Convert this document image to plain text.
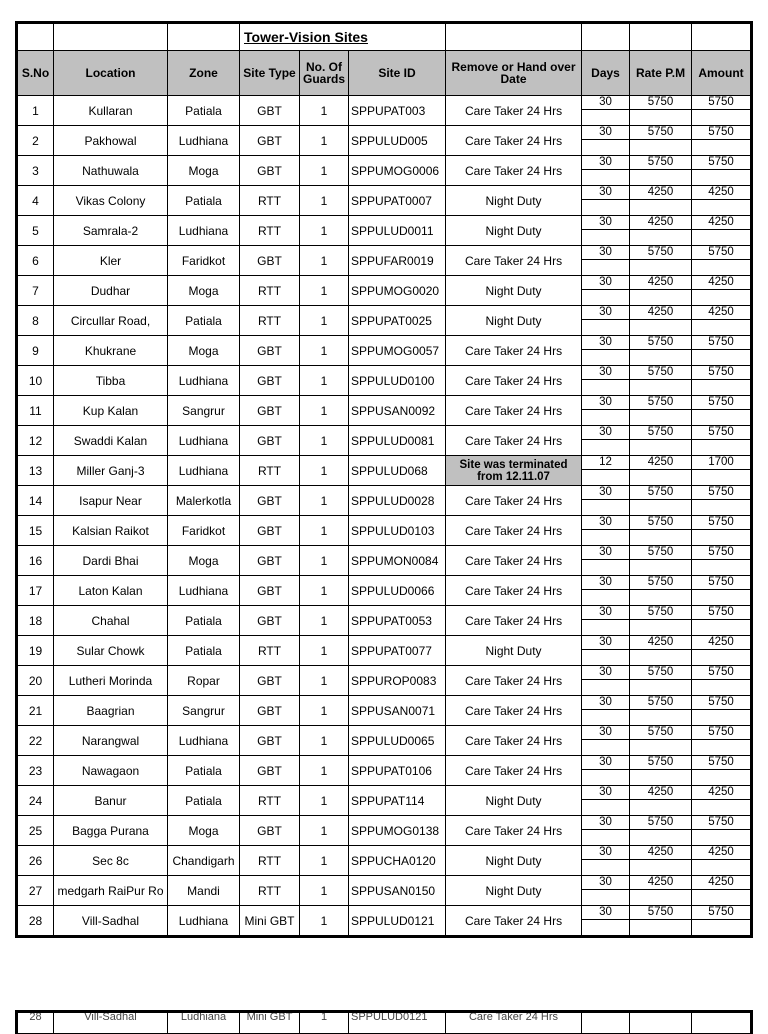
			Tower-Vision Sites						
S.No	Location	Zone	Site Type	No. Of Guards	Site ID	Remove or Hand over Date	Days	Rate P.M	Amount
1	Kullaran	Patiala	GBT	1	SPPUPAT003	Care Taker 24 Hrs	30	5750	5750

2	Pakhowal	Ludhiana	GBT	1	SPPULUD005	Care Taker 24 Hrs	30	5750	5750

3	Nathuwala	Moga	GBT	1	SPPUMOG0006	Care Taker 24 Hrs	30	5750	5750

4	Vikas Colony	Patiala	RTT	1	SPPUPAT0007	Night Duty	30	4250	4250

5	Samrala-2	Ludhiana	RTT	1	SPPULUD0011	Night Duty	30	4250	4250

6	Kler	Faridkot	GBT	1	SPPUFAR0019	Care Taker 24 Hrs	30	5750	5750

7	Dudhar	Moga	RTT	1	SPPUMOG0020	Night Duty	30	4250	4250

8	Circullar Road,	Patiala	RTT	1	SPPUPAT0025	Night Duty	30	4250	4250

9	Khukrane	Moga	GBT	1	SPPUMOG0057	Care Taker 24 Hrs	30	5750	5750

10	Tibba	Ludhiana	GBT	1	SPPULUD0100	Care Taker 24 Hrs	30	5750	5750

11	Kup Kalan	Sangrur	GBT	1	SPPUSAN0092	Care Taker 24 Hrs	30	5750	5750

12	Swaddi Kalan	Ludhiana	GBT	1	SPPULUD0081	Care Taker 24 Hrs	30	5750	5750

13	Miller Ganj-3	Ludhiana	RTT	1	SPPULUD068	Site was terminated from 12.11.07	12	4250	1700

14	Isapur Near	Malerkotla	GBT	1	SPPULUD0028	Care Taker 24 Hrs	30	5750	5750

15	Kalsian Raikot	Faridkot	GBT	1	SPPULUD0103	Care Taker 24 Hrs	30	5750	5750

16	Dardi Bhai	Moga	GBT	1	SPPUMON0084	Care Taker 24 Hrs	30	5750	5750

17	Laton Kalan	Ludhiana	GBT	1	SPPULUD0066	Care Taker 24 Hrs	30	5750	5750

18	Chahal	Patiala	GBT	1	SPPUPAT0053	Care Taker 24 Hrs	30	5750	5750

19	Sular Chowk	Patiala	RTT	1	SPPUPAT0077	Night Duty	30	4250	4250

20	Lutheri Morinda	Ropar	GBT	1	SPPUROP0083	Care Taker 24 Hrs	30	5750	5750

21	Baagrian	Sangrur	GBT	1	SPPUSAN0071	Care Taker 24 Hrs	30	5750	5750

22	Narangwal	Ludhiana	GBT	1	SPPULUD0065	Care Taker 24 Hrs	30	5750	5750

23	Nawagaon	Patiala	GBT	1	SPPUPAT0106	Care Taker 24 Hrs	30	5750	5750

24	Banur	Patiala	RTT	1	SPPUPAT114	Night Duty	30	4250	4250

25	Bagga Purana	Moga	GBT	1	SPPUMOG0138	Care Taker 24 Hrs	30	5750	5750

26	Sec 8c	Chandigarh	RTT	1	SPPUCHA0120	Night Duty	30	4250	4250

27	medgarh RaiPur Ro	Mandi	RTT	1	SPPUSAN0150	Night Duty	30	4250	4250

28	Vill-Sadhal	Ludhiana	Mini GBT	1	SPPULUD0121	Care Taker 24 Hrs	30	5750	5750
28	Vill-Sadhal	Ludhiana	Mini GBT	1	SPPULUD0121	Care Taker 24 Hrs			
